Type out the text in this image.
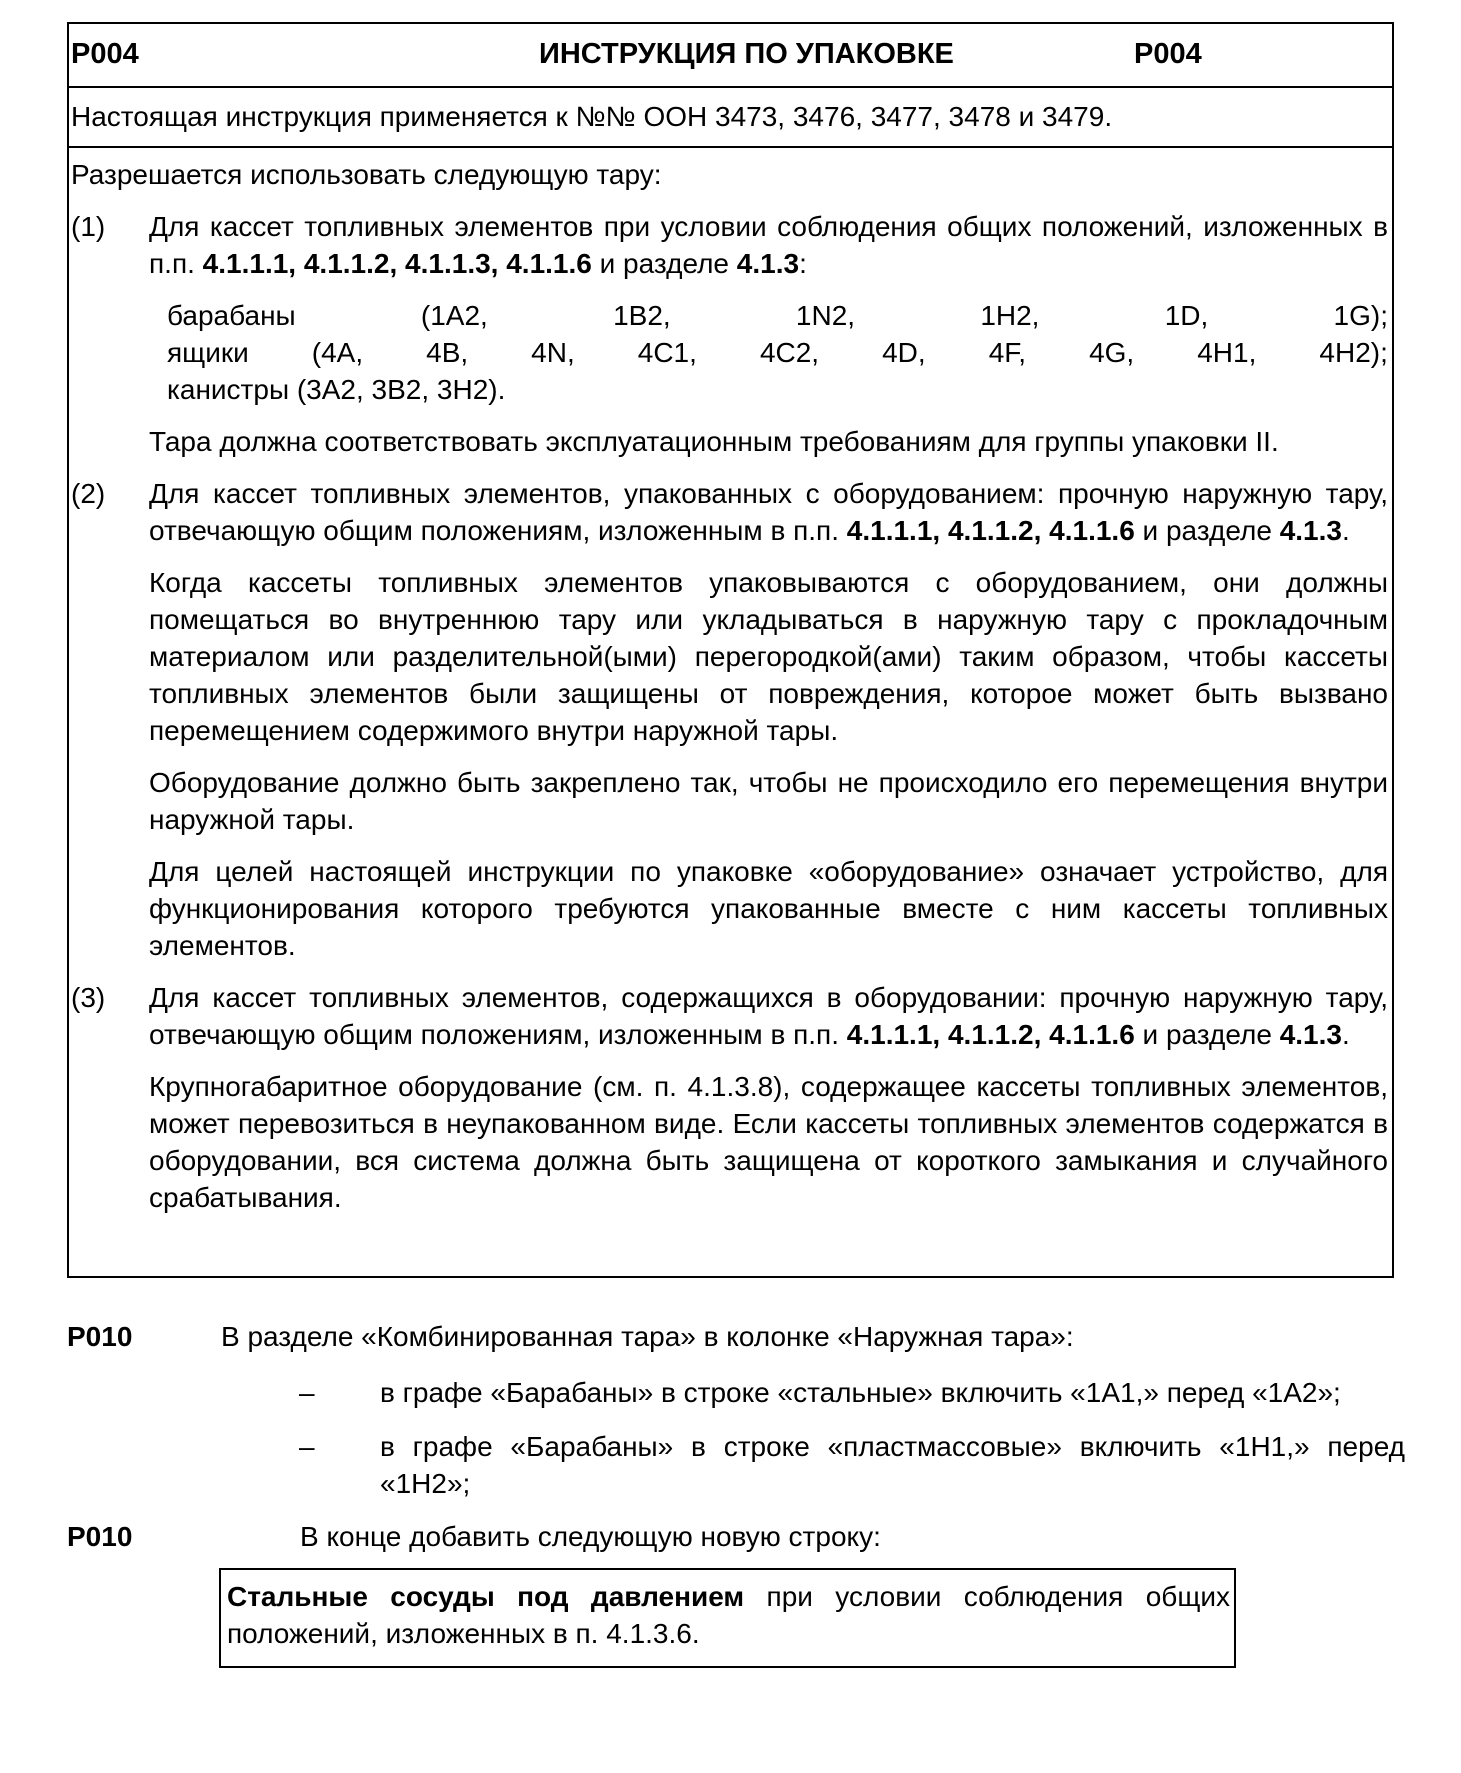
P004	ИНСТРУКЦИЯ ПО УПАКОВКЕ	P004
Настоящая инструкция применяется к №№ ООН 3473, 3476, 3477, 3478 и 3479.

Разрешается использовать следующую тару:

(1) Для кассет топливных элементов при условии соблюдения общих положений, изложенных в п.п. 4.1.1.1, 4.1.1.2, 4.1.1.3, 4.1.1.6 и разделе 4.1.3:

барабаны	(1A2,	1B2,	1N2,	1H2,	1D,	1G);
ящики (4A, 4B, 4N, 4C1, 4C2, 4D, 4F, 4G, 4H1, 4H2);
канистры (3A2, 3B2, 3H2).

Тара должна соответствовать эксплуатационным требованиям для группы упаковки II.

(2) Для кассет топливных элементов, упакованных с оборудованием: прочную наружную тару, отвечающую общим положениям, изложенным в п.п. 4.1.1.1, 4.1.1.2, 4.1.1.6 и разделе 4.1.3.

Когда кассеты топливных элементов упаковываются с оборудованием, они должны помещаться во внутреннюю тару или укладываться в наружную тару с прокладочным материалом или разделительной(ыми) перегородкой(ами) таким образом, чтобы кассеты топливных элементов были защищены от повреждения, которое может быть вызвано перемещением содержимого внутри наружной тары.

Оборудование должно быть закреплено так, чтобы не происходило его перемещения внутри наружной тары.

Для целей настоящей инструкции по упаковке «оборудование» означает устройство, для функционирования которого требуются упакованные вместе с ним кассеты топливных элементов.

(3) Для кассет топливных элементов, содержащихся в оборудовании: прочную наружную тару, отвечающую общим положениям, изложенным в п.п. 4.1.1.1, 4.1.1.2, 4.1.1.6 и разделе 4.1.3.

Крупногабаритное оборудование (см. п. 4.1.3.8), содержащее кассеты топливных элементов, может перевозиться в неупакованном виде. Если кассеты топливных элементов содержатся в оборудовании, вся система должна быть защищена от короткого замыкания и случайного срабатывания.

P010	В разделе «Комбинированная тара» в колонке «Наружная тара»:
– в графе «Барабаны» в строке «стальные» включить «1A1,» перед «1A2»;
– в графе «Барабаны» в строке «пластмассовые» включить «1H1,» перед «1H2»;
P010	В конце добавить следующую новую строку:

Стальные сосуды под давлением при условии соблюдения общих положений, изложенных в п. 4.1.3.6.
